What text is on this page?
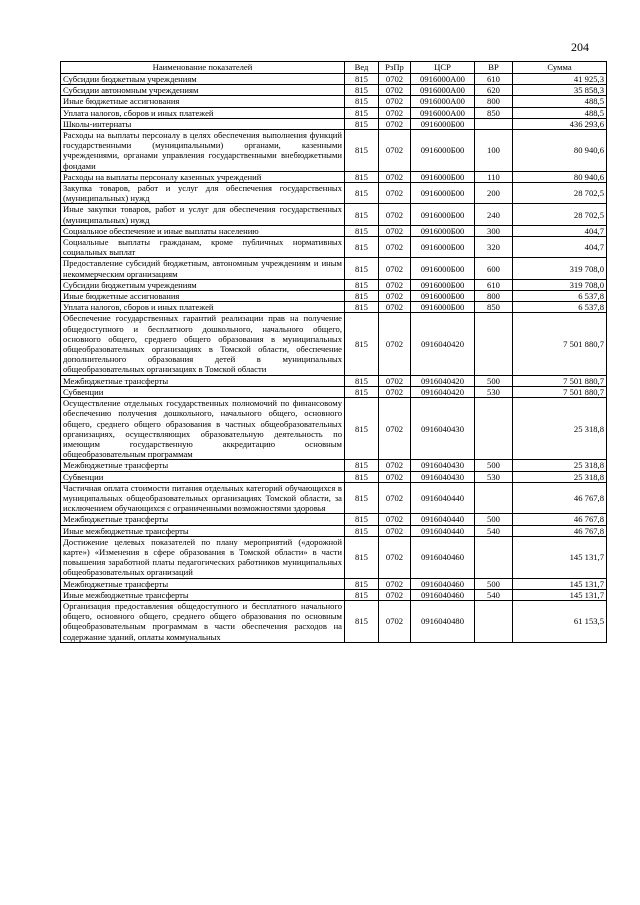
204
Наименование показателей	Вед	РзПр	ЦСР	ВР	Сумма
Субсидии бюджетным учреждениям	815	0702	0916000А00	610	41 925,3
Субсидии автономным учреждениям	815	0702	0916000А00	620	35 858,3
Иные бюджетные ассигнования	815	0702	0916000А00	800	488,5
Уплата налогов, сборов и иных платежей	815	0702	0916000А00	850	488,5
Школы-интернаты	815	0702	0916000Б00		436 293,6
Расходы на выплаты персоналу в целях обеспечения выполнения функций государственными (муниципальными) органами, казенными учреждениями, органами управления государственными внебюджетными фондами	815	0702	0916000Б00	100	80 940,6
Расходы на выплаты персоналу казенных учреждений	815	0702	0916000Б00	110	80 940,6
Закупка товаров, работ и услуг для обеспечения государственных (муниципальных) нужд	815	0702	0916000Б00	200	28 702,5
Иные закупки товаров, работ и услуг для обеспечения государственных (муниципальных) нужд	815	0702	0916000Б00	240	28 702,5
Социальное обеспечение и иные выплаты населению	815	0702	0916000Б00	300	404,7
Социальные выплаты гражданам, кроме публичных нормативных социальных выплат	815	0702	0916000Б00	320	404,7
Предоставление субсидий бюджетным, автономным учреждениям и иным некоммерческим организациям	815	0702	0916000Б00	600	319 708,0
Субсидии бюджетным учреждениям	815	0702	0916000Б00	610	319 708,0
Иные бюджетные ассигнования	815	0702	0916000Б00	800	6 537,8
Уплата налогов, сборов и иных платежей	815	0702	0916000Б00	850	6 537,8
Обеспечение государственных гарантий реализации прав на получение общедоступного и бесплатного дошкольного, начального общего, основного общего, среднего общего образования в муниципальных общеобразовательных организациях в Томской области, обеспечение дополнительного образования детей в муниципальных общеобразовательных организациях в Томской области	815	0702	0916040420		7 501 880,7
Межбюджетные трансферты	815	0702	0916040420	500	7 501 880,7
Субвенции	815	0702	0916040420	530	7 501 880,7
Осуществление отдельных государственных полномочий по финансовому обеспечению получения дошкольного, начального общего, основного общего, среднего общего образования в частных общеобразовательных организациях, осуществляющих образовательную деятельность по имеющим государственную аккредитацию основным общеобразовательным программам	815	0702	0916040430		25 318,8
Межбюджетные трансферты	815	0702	0916040430	500	25 318,8
Субвенции	815	0702	0916040430	530	25 318,8
Частичная оплата стоимости питания отдельных категорий обучающихся в муниципальных общеобразовательных организациях Томской области, за исключением обучающихся с ограниченными возможностями здоровья	815	0702	0916040440		46 767,8
Межбюджетные трансферты	815	0702	0916040440	500	46 767,8
Иные межбюджетные трансферты	815	0702	0916040440	540	46 767,8
Достижение целевых показателей по плану мероприятий («дорожной карте») «Изменения в сфере образования в Томской области» в части повышения заработной платы педагогических работников муниципальных общеобразовательных организаций	815	0702	0916040460		145 131,7
Межбюджетные трансферты	815	0702	0916040460	500	145 131,7
Иные межбюджетные трансферты	815	0702	0916040460	540	145 131,7
Организация предоставления общедоступного и бесплатного начального общего, основного общего, среднего общего образования по основным общеобразовательным программам в части обеспечения расходов на содержание зданий, оплаты коммунальных	815	0702	0916040480		61 153,5
